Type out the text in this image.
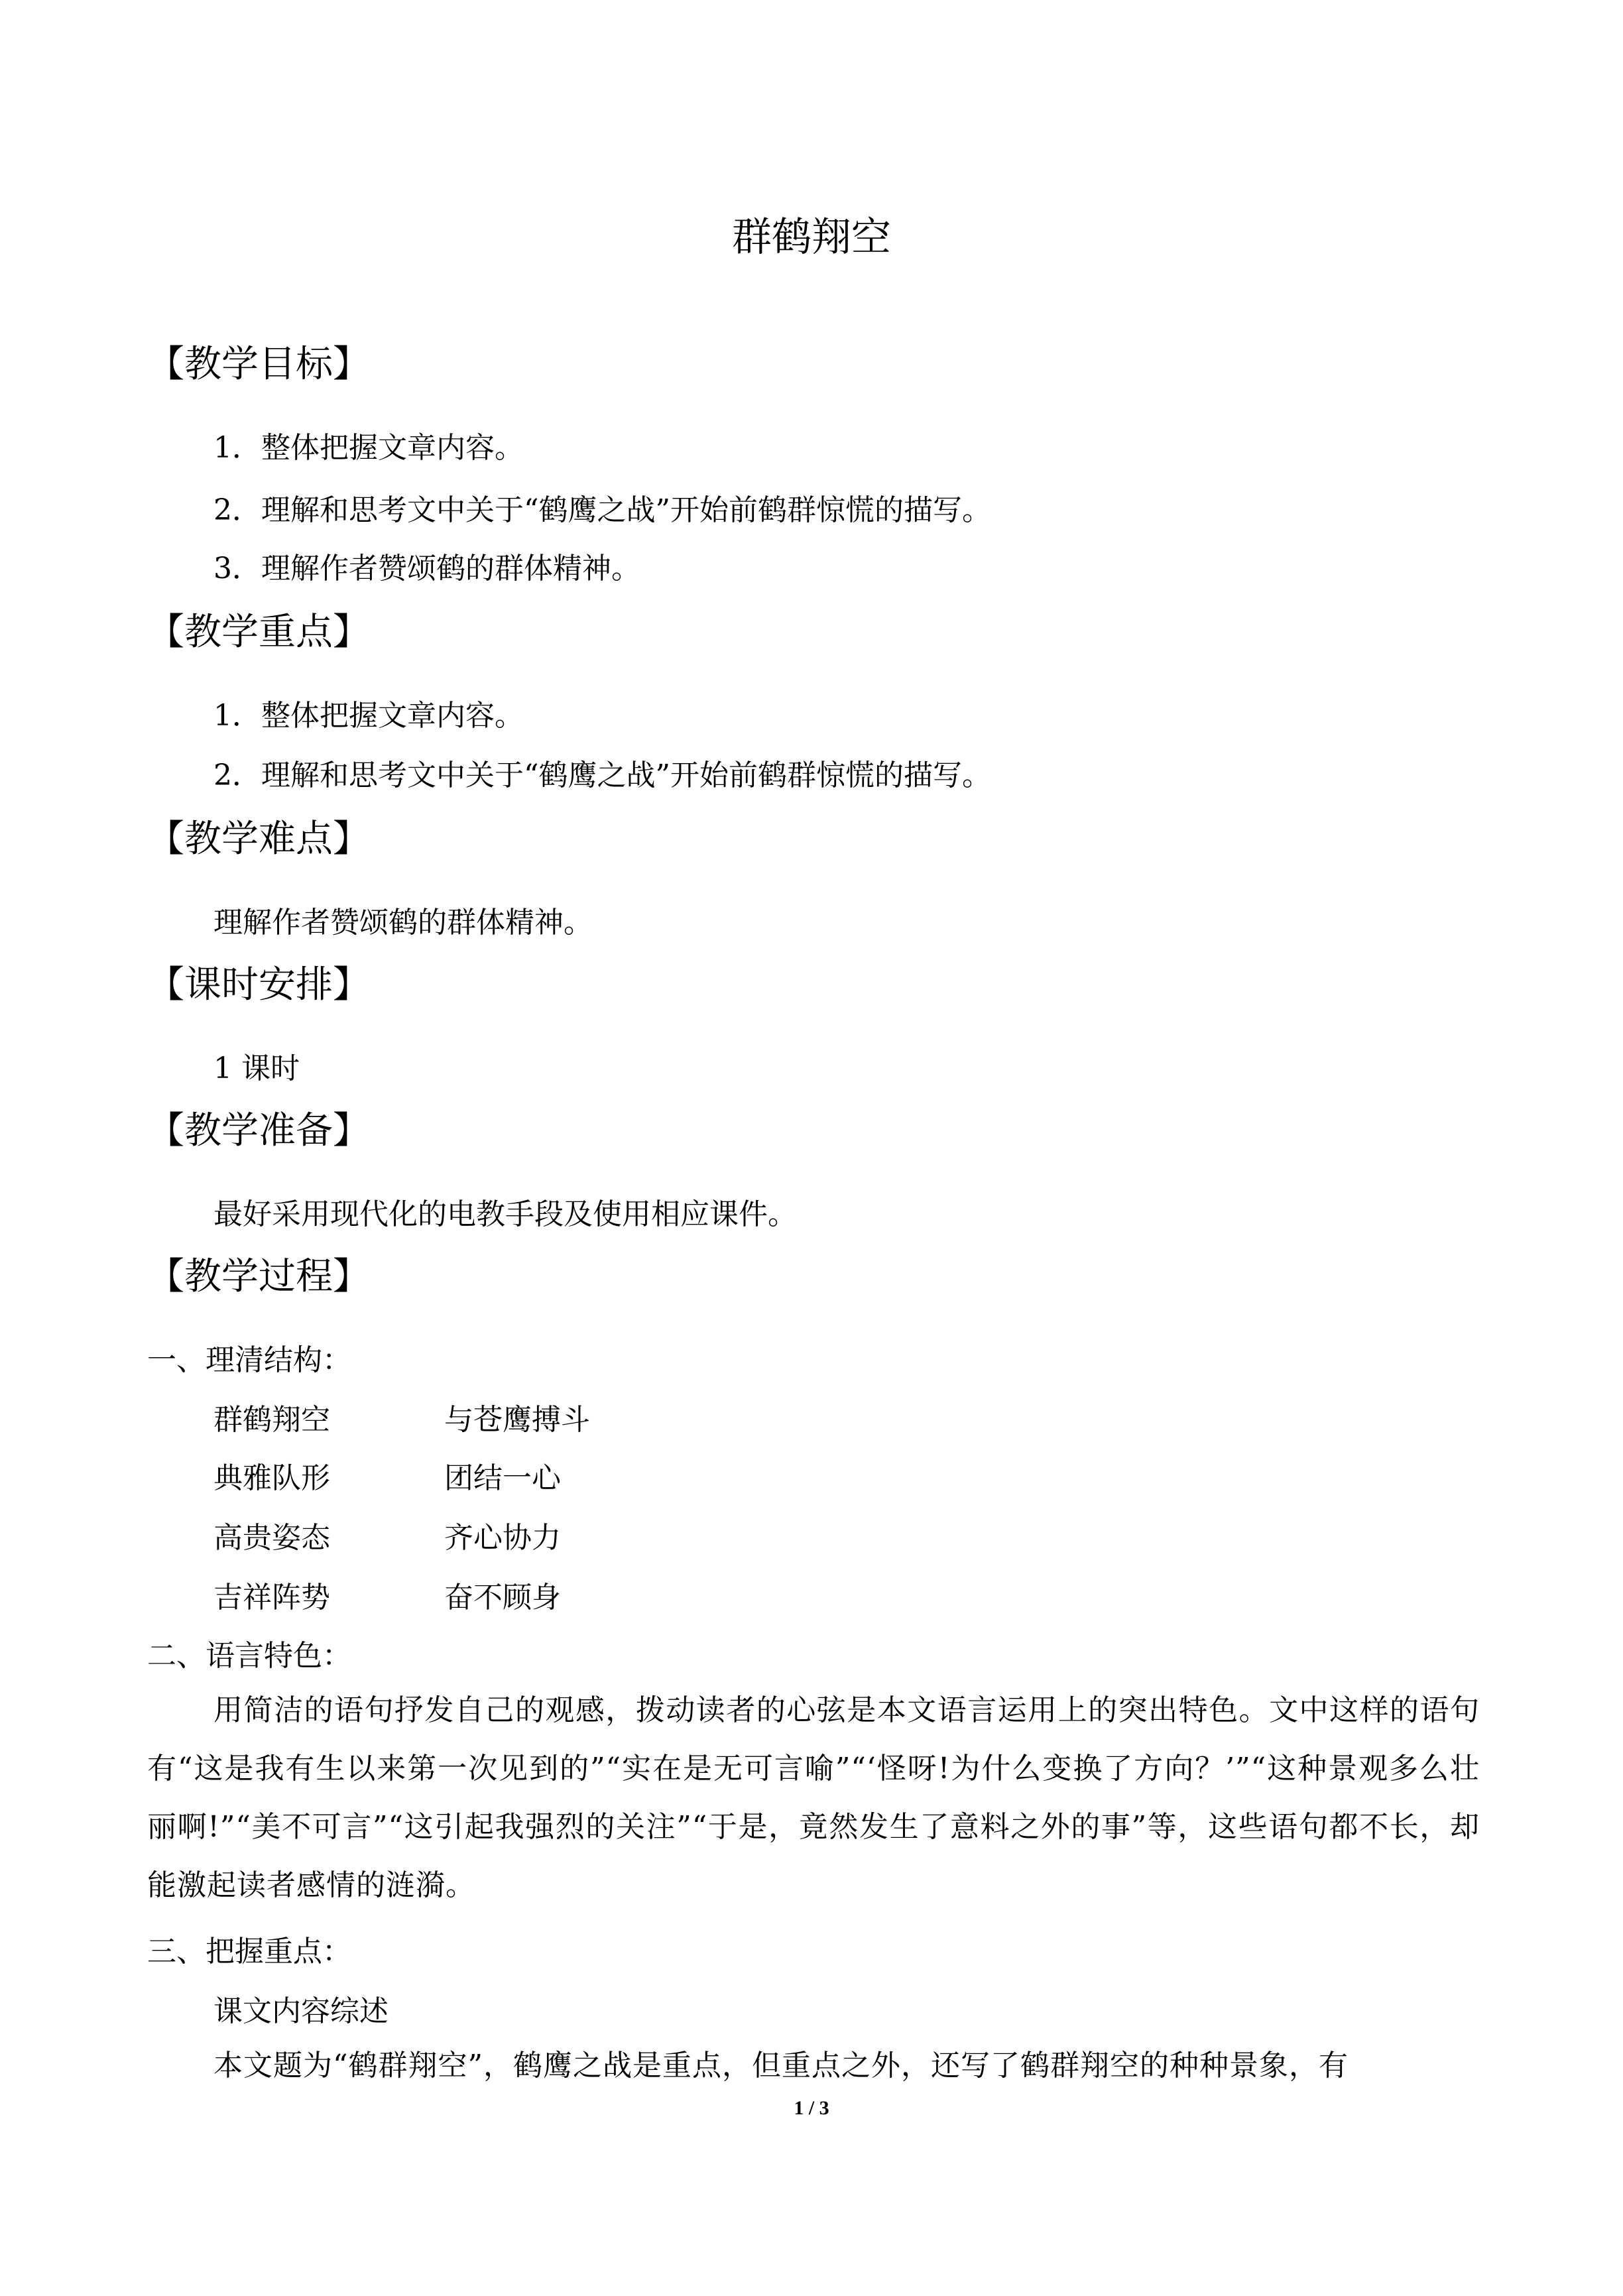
群鹤翔空
【教学目标】
1．整体把握文章内容。
2．理解和思考文中关于“鹤鹰之战”开始前鹤群惊慌的描写。
3．理解作者赞颂鹤的群体精神。
【教学重点】
1．整体把握文章内容。
2．理解和思考文中关于“鹤鹰之战”开始前鹤群惊慌的描写。
【教学难点】
理解作者赞颂鹤的群体精神。
【课时安排】
1 课时
【教学准备】
最好采用现代化的电教手段及使用相应课件。
【教学过程】
一、理清结构：
群鹤翔空	与苍鹰搏斗
典雅队形	团结一心
高贵姿态	齐心协力
吉祥阵势	奋不顾身
二、语言特色：
用简洁的语句抒发自己的观感，拨动读者的心弦是本文语言运用上的突出特色。文中这样的语句有“这是我有生以来第一次见到的”“实在是无可言喻”“‘怪呀!为什么变换了方向？’”“这种景观多么壮丽啊!”“美不可言”“这引起我强烈的关注”“于是，竟然发生了意料之外的事”等，这些语句都不长，却能激起读者感情的涟漪。
三、把握重点：
课文内容综述
本文题为“鹤群翔空”，鹤鹰之战是重点，但重点之外，还写了鹤群翔空的种种景象，有
1 / 3
